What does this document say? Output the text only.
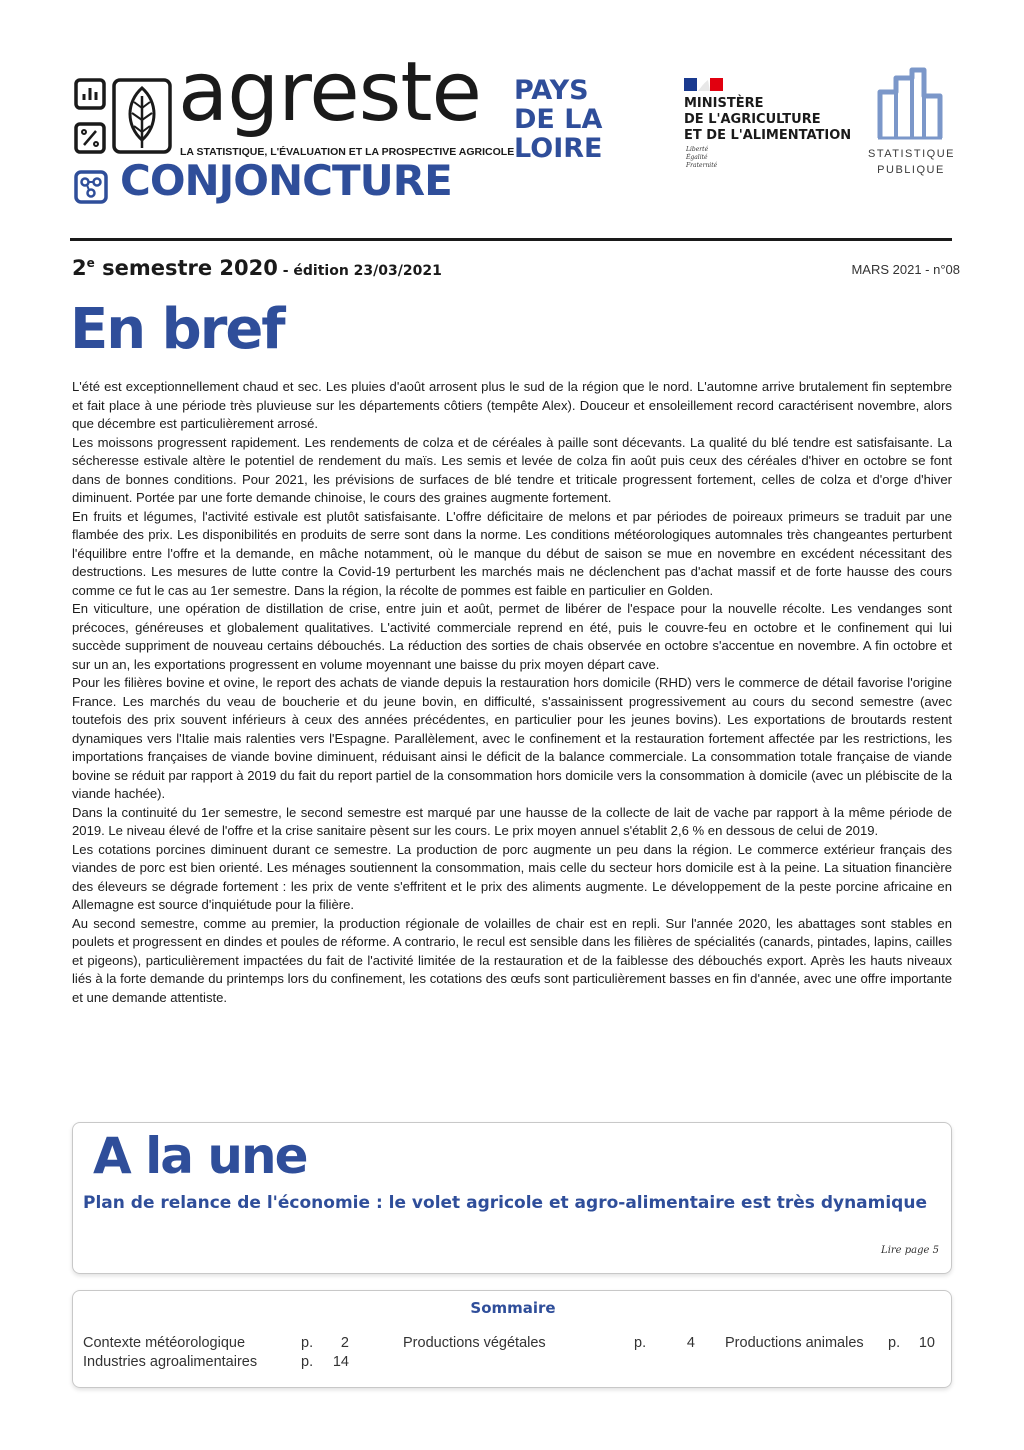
agreste
LA STATISTIQUE, L'ÉVALUATION ET LA PROSPECTIVE AGRICOLE
PAYS
DE LA
LOIRE
CONJONCTURE
MINISTÈRE
DE L'AGRICULTURE
ET DE L'ALIMENTATION
Liberté
Égalité
Fraternité
STATISTIQUE
PUBLIQUE
2e semestre 2020 - édition 23/03/2021	MARS 2021 - n°08
En bref

L'été est exceptionnellement chaud et sec. Les pluies d'août arrosent plus le sud de la région que le nord. L'automne arrive brutalement fin septembre et fait place à une période très pluvieuse sur les départements côtiers (tempête Alex). Douceur et ensoleillement record caractérisent novembre, alors que décembre est particulièrement arrosé.

Les moissons progressent rapidement. Les rendements de colza et de céréales à paille sont décevants. La qualité du blé tendre est satisfaisante. La sécheresse estivale altère le potentiel de rendement du maïs. Les semis et levée de colza fin août puis ceux des céréales d'hiver en octobre se font dans de bonnes conditions. Pour 2021, les prévisions de surfaces de blé tendre et triticale progressent fortement, celles de colza et d'orge d'hiver diminuent. Portée par une forte demande chinoise, le cours des graines augmente fortement.

En fruits et légumes, l'activité estivale est plutôt satisfaisante. L'offre déficitaire de melons et par périodes de poireaux primeurs se traduit par une flambée des prix. Les disponibilités en produits de serre sont dans la norme. Les conditions météorologiques automnales très changeantes perturbent l'équilibre entre l'offre et la demande, en mâche notamment, où le manque du début de saison se mue en novembre en excédent nécessitant des destructions. Les mesures de lutte contre la Covid-19 perturbent les marchés mais ne déclenchent pas d'achat massif et de forte hausse des cours comme ce fut le cas au 1er semestre. Dans la région, la récolte de pommes est faible en particulier en Golden.

En viticulture, une opération de distillation de crise, entre juin et août, permet de libérer de l'espace pour la nouvelle récolte. Les vendanges sont précoces, généreuses et globalement qualitatives. L'activité commerciale reprend en été, puis le couvre-feu en octobre et le confinement qui lui succède suppriment de nouveau certains débouchés. La réduction des sorties de chais observée en octobre s'accentue en novembre. A fin octobre et sur un an, les exportations progressent en volume moyennant une baisse du prix moyen départ cave.

Pour les filières bovine et ovine, le report des achats de viande depuis la restauration hors domicile (RHD) vers le commerce de détail favorise l'origine France. Les marchés du veau de boucherie et du jeune bovin, en difficulté, s'assainissent progressivement au cours du second semestre (avec toutefois des prix souvent inférieurs à ceux des années précédentes, en particulier pour les jeunes bovins). Les exportations de broutards restent dynamiques vers l'Italie mais ralenties vers l'Espagne. Parallèlement, avec le confinement et la restauration fortement affectée par les restrictions, les importations françaises de viande bovine diminuent, réduisant ainsi le déficit de la balance commerciale. La consommation totale française de viande bovine se réduit par rapport à 2019 du fait du report partiel de la consommation hors domicile vers la consommation à domicile (avec un plébiscite de la viande hachée).

Dans la continuité du 1er semestre, le second semestre est marqué par une hausse de la collecte de lait de vache par rapport à la même période de 2019. Le niveau élevé de l'offre et la crise sanitaire pèsent sur les cours. Le prix moyen annuel s'établit 2,6 % en dessous de celui de 2019.

Les cotations porcines diminuent durant ce semestre. La production de porc augmente un peu dans la région. Le commerce extérieur français des viandes de porc est bien orienté. Les ménages soutiennent la consommation, mais celle du secteur hors domicile est à la peine. La situation financière des éleveurs se dégrade fortement : les prix de vente s'effritent et le prix des aliments augmente. Le développement de la peste porcine africaine en Allemagne est source d'inquiétude pour la filière.

Au second semestre, comme au premier, la production régionale de volailles de chair est en repli. Sur l'année 2020, les abattages sont stables en poulets et progressent en dindes et poules de réforme. A contrario, le recul est sensible dans les filières de spécialités (canards, pintades, lapins, cailles et pigeons), particulièrement impactées du fait de l'activité limitée de la restauration et de la faiblesse des débouchés export. Après les hauts niveaux liés à la forte demande du printemps lors du confinement, les cotations des œufs sont particulièrement basses en fin d'année, avec une offre importante et une demande attentiste.

A la une
Plan de relance de l'économie : le volet agricole et agro-alimentaire est très dynamique
Lire page 5
Sommaire
Contexte météorologique	p.	2	Productions végétales	p.	4 Productions animales p.	10
Industries agroalimentaires	p.	14
